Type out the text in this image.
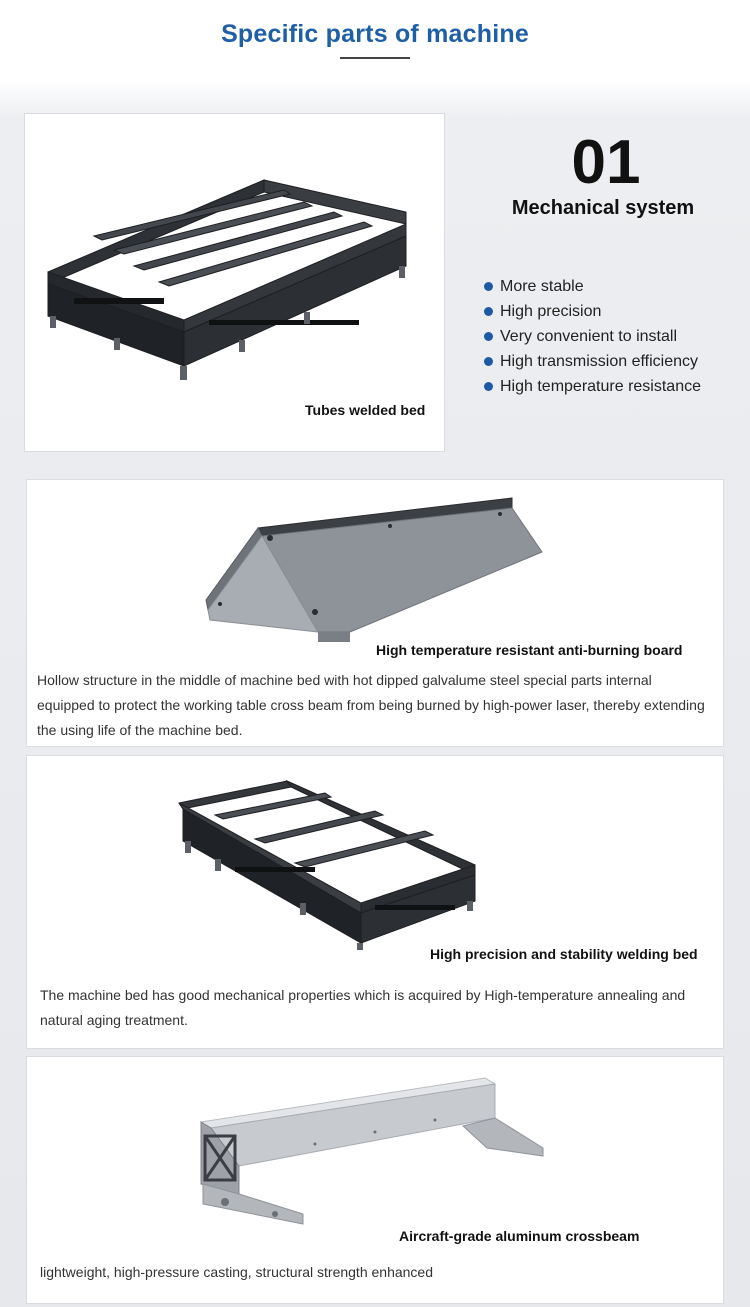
Specific parts of machine
Tubes welded bed
01
Mechanical system
More stable
High precision
Very convenient to install
High transmission efficiency
High temperature resistance
High temperature resistant anti-burning board
Hollow structure in the middle of machine bed with hot dipped galvalume steel special parts internal equipped to protect the working table cross beam from being burned by high-power laser, thereby extending the using life of the machine bed.
High precision and stability welding bed
The machine bed has good mechanical properties which is acquired by High-temperature annealing and natural aging treatment.
Aircraft-grade aluminum crossbeam
lightweight, high-pressure casting, structural strength enhanced
